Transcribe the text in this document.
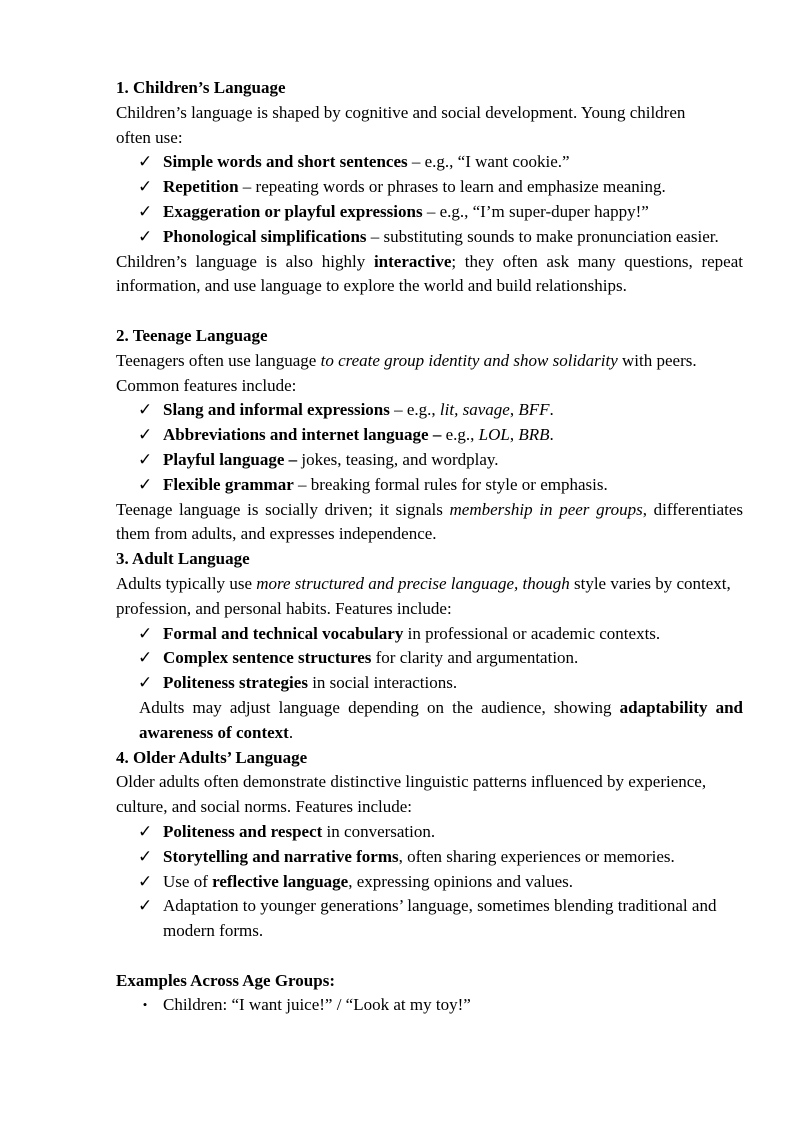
1. Children’s Language

Children’s language is shaped by cognitive and social development. Young children often use:

✓ Simple words and short sentences – e.g., “I want cookie.”
✓ Repetition – repeating words or phrases to learn and emphasize meaning.
✓ Exaggeration or playful expressions – e.g., “I’m super-duper happy!”
✓ Phonological simplifications – substituting sounds to make pronunciation easier.

Children’s language is also highly interactive; they often ask many questions, repeat information, and use language to explore the world and build relationships.

2. Teenage Language

Teenagers often use language to create group identity and show solidarity with peers. Common features include:

✓ Slang and informal expressions – e.g., lit, savage, BFF.
✓ Abbreviations and internet language – e.g., LOL, BRB.
✓ Playful language – jokes, teasing, and wordplay.
✓ Flexible grammar – breaking formal rules for style or emphasis.

Teenage language is socially driven; it signals membership in peer groups, differentiates them from adults, and expresses independence.

3. Adult Language

Adults typically use more structured and precise language, though style varies by context, profession, and personal habits. Features include:

✓ Formal and technical vocabulary in professional or academic contexts.
✓ Complex sentence structures for clarity and argumentation.
✓ Politeness strategies in social interactions.

Adults may adjust language depending on the audience, showing adaptability and awareness of context.

4. Older Adults’ Language

Older adults often demonstrate distinctive linguistic patterns influenced by experience, culture, and social norms. Features include:

✓ Politeness and respect in conversation.
✓ Storytelling and narrative forms, often sharing experiences or memories.
✓ Use of reflective language, expressing opinions and values.
✓ Adaptation to younger generations’ language, sometimes blending traditional and modern forms.

Examples Across Age Groups:

• Children: “I want juice!” / “Look at my toy!”
